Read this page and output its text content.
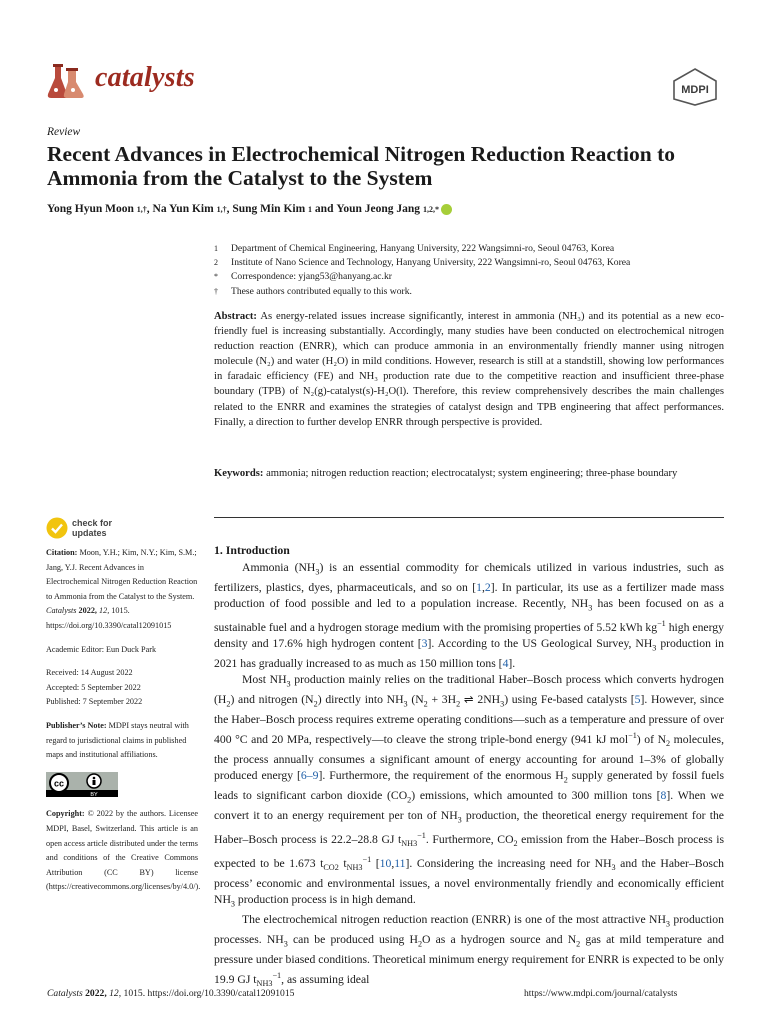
catalysts	MDPI
Review
Recent Advances in Electrochemical Nitrogen Reduction Reaction to Ammonia from the Catalyst to the System
Yong Hyun Moon
1,† , Na Yun Kim
1,† , Sung Min Kim
1 and Youn Jeong Jang
1,2,*
1	Department of Chemical Engineering, Hanyang University, 222 Wangsimni-ro, Seoul 04763, Korea
2	Institute of Nano Science and Technology, Hanyang University, 222 Wangsimni-ro, Seoul 04763, Korea
*	Correspondence: yjang53@hanyang.ac.kr
†	These authors contributed equally to this work.
Abstract: As energy-related issues increase significantly, interest in ammonia (NH₃) and its potential as a new eco-friendly fuel is increasing substantially. Accordingly, many studies have been conducted on electrochemical nitrogen reduction reaction (ENRR), which can produce ammonia in an environmentally friendly manner using nitrogen molecule (N₂) and water (H₂O) in mild conditions. However, research is still at a standstill, showing low performances in faradaic efficiency (FE) and NH₃ production rate due to the competitive reaction and insufficient three-phase boundary (TPB) of N₂(g)-catalyst(s)-H₂O(l). Therefore, this review comprehensively describes the main challenges related to the ENRR and examines the strategies of catalyst design and TPB engineering that affect performances. Finally, a direction to further develop ENRR through perspective is provided.
Keywords: ammonia; nitrogen reduction reaction; electrocatalyst; system engineering; three-phase boundary
check for
updates

Citation: Moon, Y.H.; Kim, N.Y.; Kim, S.M.; Jang, Y.J. Recent Advances in Electrochemical Nitrogen Reduction Reaction to Ammonia from the Catalyst to the System. Catalysts 2022, 12, 1015. https://doi.org/10.3390/catal12091015

Academic Editor: Eun Duck Park

Received: 14 August 2022
Accepted: 5 September 2022
Published: 7 September 2022

Publisher’s Note: MDPI stays neutral with regard to jurisdictional claims in published maps and institutional affiliations.

cc
BY

Copyright: © 2022 by the authors. Licensee MDPI, Basel, Switzerland. This article is an open access article distributed under the terms and conditions of the Creative Commons Attribution (CC BY) license (https://creativecommons.org/licenses/by/4.0/).

1. Introduction

Ammonia $(NH_3)$ is an essential commodity for chemicals utilized in various industries, such as fertilizers, plastics, dyes, pharmaceuticals, and so on [1,2]. In particular, its use as a fertilizer made mass production of food possible and led to a population increase. Recently, $NH_3$ has been focused on as a sustainable fuel and a hydrogen storage medium with the promising properties of 5.52 kWh $kg^{-1}$ high energy density and 17.6% high hydrogen content [3]. According to the US Geological Survey, $NH_3$ production in 2021 has gradually increased to as much as 150 million tons [4].

Most $NH_3$ production mainly relies on the traditional Haber–Bosch process which converts hydrogen $(H_2)$ and nitrogen $(N_2)$ directly into $NH_3$ ($N_2 + 3H_2$ ⇌ $2NH_3$) using Fe-based catalysts [5]. However, since the Haber–Bosch process requires extreme operating conditions—such as a temperature and pressure of over 400 °C and 20 MPa, respectively—to cleave the strong triple-bond energy (941 kJ mol$^{-1}$) of $N_2$ molecules, the process annually consumes a significant amount of energy accounting for around 1–3% of globally produced energy [6–9]. Furthermore, the requirement of the enormous $H_2$ supply generated by fossil fuels leads to significant carbon dioxide $(CO_2)$ emissions, which amounted to 300 million tons [8]. When we convert it to an energy requirement per ton of $NH_3$ production, the theoretical energy requirement for the Haber–Bosch process is 22.2–28.8 GJ $t_{NH3}^{-1}$. Furthermore, $CO_2$ emission from the Haber–Bosch process is expected to be 1.673 $t_{CO2}$ $t_{NH3}^{-1}$ [10,11]. Considering the increasing need for $NH_3$ and the Haber–Bosch process’ economic and environmental issues, a novel environmentally friendly and economically efficient $NH_3$ production process is in high demand.

The electrochemical nitrogen reduction reaction (ENRR) is one of the most attractive $NH_3$ production processes. $NH_3$ can be produced using $H_2O$ as a hydrogen source and $N_2$ gas at mild temperature and pressure under biased conditions. Theoretical minimum energy requirement for ENRR is expected to be only 19.9 GJ $t_{NH3}^{-1}$, as assuming ideal

Catalysts 2022, 12, 1015. https://doi.org/10.3390/catal12091015	https://www.mdpi.com/journal/catalysts
